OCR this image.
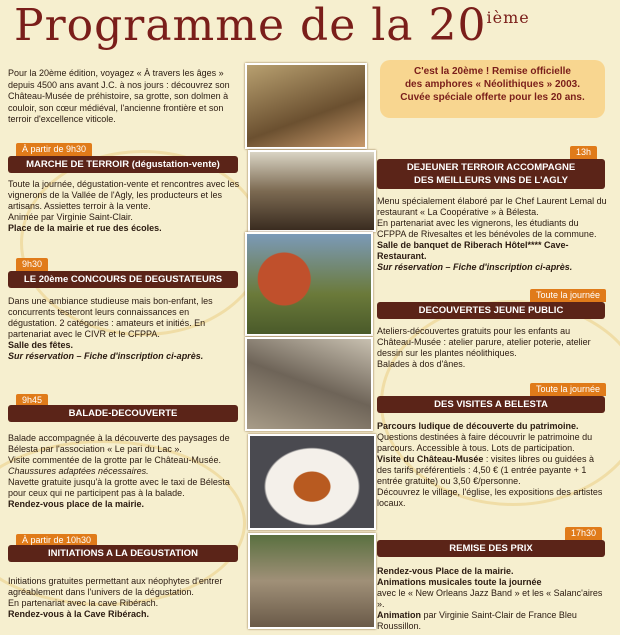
Programme de la 20ième
Pour la 20ème édition, voyagez « À travers les âges » depuis 4500 ans avant J.C. à nos jours : découvrez son Château-Musée de préhistoire, sa grotte, son dolmen à couloir, son cœur médiéval, l'ancienne frontière et son terroir d'excellence viticole.
C'est la 20ème ! Remise officielle
des amphores « Néolithiques » 2003.
Cuvée spéciale offerte pour les 20 ans.
À partir de 9h30
MARCHE DE TERROIR (dégustation-vente)
Toute la journée, dégustation-vente et rencontres avec les vignerons de la Vallée de l'Agly, les producteurs et les artisans. Assiettes terroir à la vente.
Animée par Virginie Saint-Clair.
Place de la mairie et rue des écoles.
9h30
LE 20ème CONCOURS DE DEGUSTATEURS
Dans une ambiance studieuse mais bon-enfant, les concurrents testeront leurs connaissances en dégustation. 2 catégories : amateurs et initiés. En partenariat avec le CIVR et le CFPPA.
Salle des fêtes.
Sur réservation – Fiche d'inscription ci-après.
9h45
BALADE-DECOUVERTE
Balade accompagnée à la découverte des paysages de Bélesta par l'association « Le pari du Lac ».
Visite commentée de la grotte par le Château-Musée.
Chaussures adaptées nécessaires.
Navette gratuite jusqu'à la grotte avec le taxi de Bélesta pour ceux qui ne participent pas à la balade.
Rendez-vous place de la mairie.
À partir de 10h30
INITIATIONS A LA DEGUSTATION
Initiations gratuites permettant aux néophytes d'entrer agréablement dans l'univers de la dégustation.
En partenariat avec la cave Ribérach.
Rendez-vous à la Cave Ribérach.
13h
DEJEUNER TERROIR ACCOMPAGNE
DES MEILLEURS VINS DE L'AGLY
Menu spécialement élaboré par le Chef Laurent Lemal du restaurant « La Coopérative » à Bélesta.
En partenariat avec les vignerons, les étudiants du CFPPA de Rivesaltes et les bénévoles de la commune.
Salle de banquet de Riberach Hôtel**** Cave-Restaurant.
Sur réservation – Fiche d'inscription ci-après.
Toute la journée
DECOUVERTES JEUNE PUBLIC
Ateliers-découvertes gratuits pour les enfants au Château-Musée : atelier parure, atelier poterie, atelier dessin sur les plantes néolithiques.
Balades à dos d'ânes.
Toute la journée
DES VISITES A BELESTA
Parcours ludique de découverte du patrimoine.
Questions destinées à faire découvrir le patrimoine du parcours. Accessible à tous. Lots de participation.
Visite du Château-Musée : visites libres ou guidées à des tarifs préférentiels : 4,50 € (1 entrée payante + 1 entrée gratuite) ou 3,50 €/personne.
Découvrez le village, l'église, les expositions des artistes locaux.
17h30
REMISE DES PRIX
Rendez-vous Place de la mairie.
Animations musicales toute la journée
avec le « New Orleans Jazz Band » et les « Salanc'aires ».
Animation par Virginie Saint-Clair de France Bleu Roussillon.
